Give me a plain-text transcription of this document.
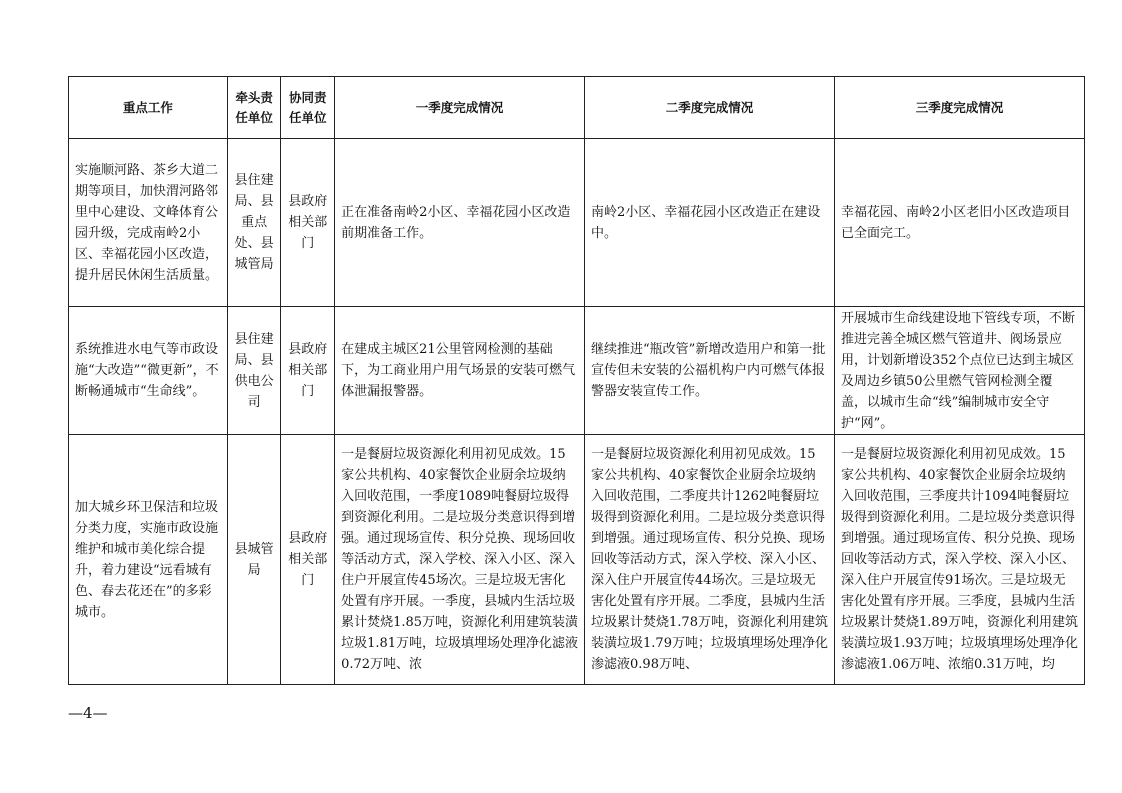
重点工作	牵头责任单位	协同责任单位	一季度完成情况	二季度完成情况	三季度完成情况
实施顺河路、茶乡大道二期等项目，加快渭河路邻里中心建设、文峰体育公园升级，完成南岭2小区、幸福花园小区改造，提升居民休闲生活质量。	县住建局、县重点处、县城管局	县政府相关部门	正在准备南岭2小区、幸福花园小区改造前期准备工作。	南岭2小区、幸福花园小区改造正在建设中。	幸福花园、南岭2小区老旧小区改造项目已全面完工。
系统推进水电气等市政设施“大改造”“微更新”，不断畅通城市“生命线”。	县住建局、县供电公司	县政府相关部门	在建成主城区21公里管网检测的基础下，为工商业用户用气场景的安装可燃气体泄漏报警器。	继续推进“瓶改管”新增改造用户和第一批宣传但未安装的公福机构户内可燃气体报警器安装宣传工作。	开展城市生命线建设地下管线专项，不断推进完善全城区燃气管道井、阀场景应用，计划新增设352个点位已达到主城区及周边乡镇50公里燃气管网检测全覆盖，以城市生命“线”编制城市安全守护“网”。
加大城乡环卫保洁和垃圾分类力度，实施市政设施维护和城市美化综合提升，着力建设“远看城有色、春去花还在”的多彩城市。	县城管局	县政府相关部门	一是餐厨垃圾资源化利用初见成效。15家公共机构、40家餐饮企业厨余垃圾纳入回收范围，一季度1089吨餐厨垃圾得到资源化利用。二是垃圾分类意识得到增强。通过现场宣传、积分兑换、现场回收等活动方式，深入学校、深入小区、深入住户开展宣传45场次。三是垃圾无害化处置有序开展。一季度，县城内生活垃圾累计焚烧1.85万吨，资源化利用建筑装潢垃圾1.81万吨，垃圾填埋场处理净化滤液0.72万吨、浓	一是餐厨垃圾资源化利用初见成效。15家公共机构、40家餐饮企业厨余垃圾纳入回收范围，二季度共计1262吨餐厨垃圾得到资源化利用。二是垃圾分类意识得到增强。通过现场宣传、积分兑换、现场回收等活动方式，深入学校、深入小区、深入住户开展宣传44场次。三是垃圾无害化处置有序开展。二季度，县城内生活垃圾累计焚烧1.78万吨，资源化利用建筑装潢垃圾1.79万吨；垃圾填埋场处理净化渗滤液0.98万吨、	一是餐厨垃圾资源化利用初见成效。15家公共机构、40家餐饮企业厨余垃圾纳入回收范围，三季度共计1094吨餐厨垃圾得到资源化利用。二是垃圾分类意识得到增强。通过现场宣传、积分兑换、现场回收等活动方式，深入学校、深入小区、深入住户开展宣传91场次。三是垃圾无害化处置有序开展。三季度，县城内生活垃圾累计焚烧1.89万吨，资源化利用建筑装潢垃圾1.93万吨；垃圾填埋场处理净化渗滤液1.06万吨、浓缩0.31万吨，均
—4—
